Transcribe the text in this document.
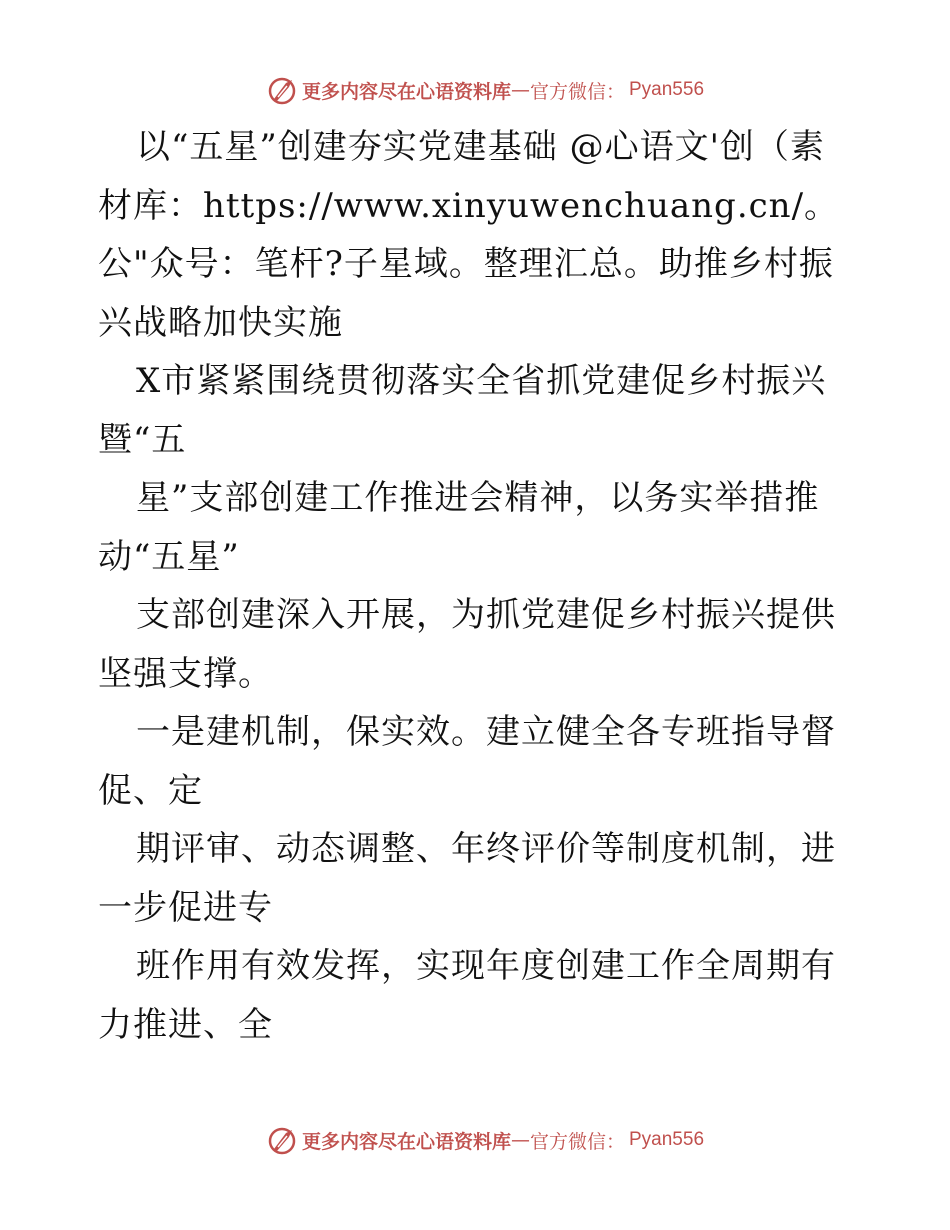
更多内容尽在心语资料库 — 官方微信： Pyan556

以“五星”创建夯实党建基础 @心语文'创（素材库：https://www.xinyuwenchuang.cn/。公"众号：笔杆?子星域。整理汇总。助推乡村振兴战略加快实施

X市紧紧围绕贯彻落实全省抓党建促乡村振兴暨“五

星”支部创建工作推进会精神，以务实举措推动“五星”

支部创建深入开展，为抓党建促乡村振兴提供坚强支撑。

一是建机制，保实效。建立健全各专班指导督促、定

期评审、动态调整、年终评价等制度机制，进一步促进专

班作用有效发挥，实现年度创建工作全周期有力推进、全

更多内容尽在心语资料库 — 官方微信： Pyan556
